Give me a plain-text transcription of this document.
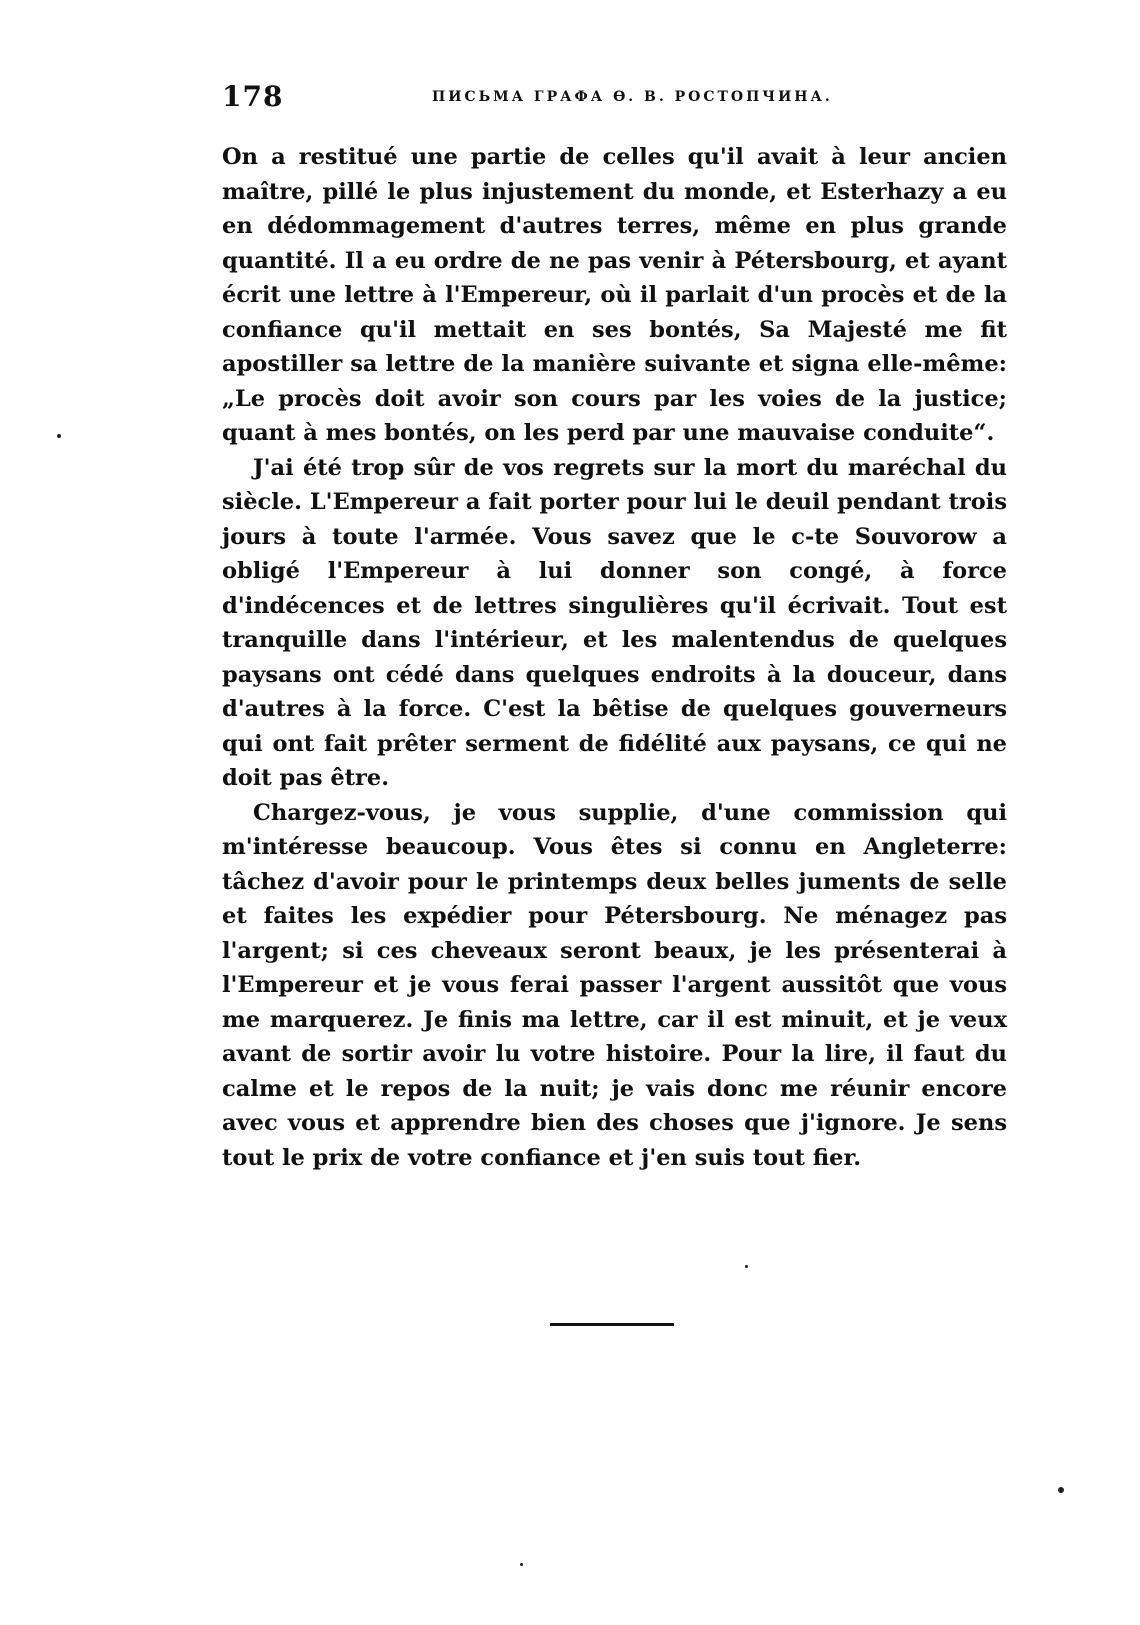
178	ПИСЬМА ГРАФА Ө. В. РОСТОПЧИНА.

On a restitué une partie de celles qu'il avait à leur ancien maître, pillé le plus injustement du monde, et Esterhazy a eu en dédommagement d'autres terres, même en plus grande quantité. Il a eu ordre de ne pas venir à Pétersbourg, et ayant écrit une lettre à l'Empereur, où il parlait d'un procès et de la confiance qu'il mettait en ses bontés, Sa Majesté me fit apostiller sa lettre de la manière suivante et signa elle-même: „Le procès doit avoir son cours par les voies de la justice; quant à mes bontés, on les perd par une mauvaise conduite“.

J'ai été trop sûr de vos regrets sur la mort du maréchal du siècle. L'Empereur a fait porter pour lui le deuil pendant trois jours à toute l'armée. Vous savez que le c-te Souvorow a obligé l'Empereur à lui donner son congé, à force d'indécences et de lettres singulières qu'il écrivait. Tout est tranquille dans l'intérieur, et les malentendus de quelques paysans ont cédé dans quelques endroits à la douceur, dans d'autres à la force. C'est la bêtise de quelques gouverneurs qui ont fait prêter serment de fidélité aux paysans, ce qui ne doit pas être.

Chargez-vous, je vous supplie, d'une commission qui m'intéresse beaucoup. Vous êtes si connu en Angleterre: tâchez d'avoir pour le printemps deux belles juments de selle et faites les expédier pour Pétersbourg. Ne ménagez pas l'argent; si ces cheveaux seront beaux, je les présenterai à l'Empereur et je vous ferai passer l'argent aussitôt que vous me marquerez. Je finis ma lettre, car il est minuit, et je veux avant de sortir avoir lu votre histoire. Pour la lire, il faut du calme et le repos de la nuit; je vais donc me réunir encore avec vous et apprendre bien des choses que j'ignore. Je sens tout le prix de votre confiance et j'en suis tout fier.
